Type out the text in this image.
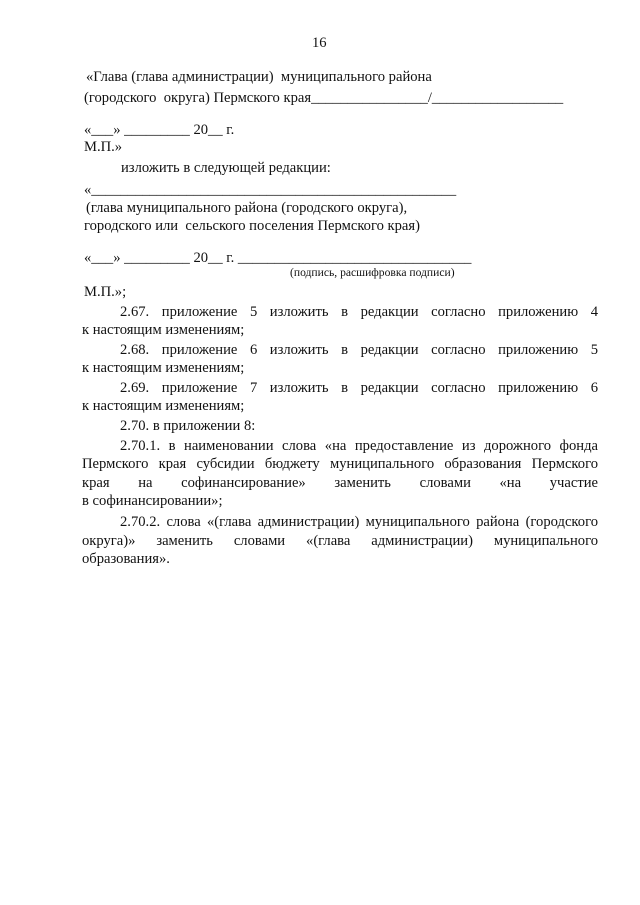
16
«Глава (глава администрации)  муниципального района
(городского  округа) Пермского края________________/__________________
«___» _________ 20__ г.
М.П.»
изложить в следующей редакции:
«__________________________________________________
(глава муниципального района (городского округа),
городского или  сельского поселения Пермского края)
«___» _________ 20__ г. ________________________________
(подпись, расшифровка подписи)
М.П.»;
2.67. приложение 5 изложить в редакции согласно приложению 4
к настоящим изменениям;
2.68. приложение 6 изложить в редакции согласно приложению 5
к настоящим изменениям;
2.69. приложение 7 изложить в редакции согласно приложению 6
к настоящим изменениям;
2.70. в приложении 8:
2.70.1. в наименовании слова «на предоставление из дорожного фонда
Пермского края субсидии бюджету муниципального образования Пермского
края на софинансирование» заменить словами «на участие
в софинансировании»;
2.70.2. слова «(глава администрации) муниципального района (городского
округа)» заменить словами «(глава администрации) муниципального
образования».
